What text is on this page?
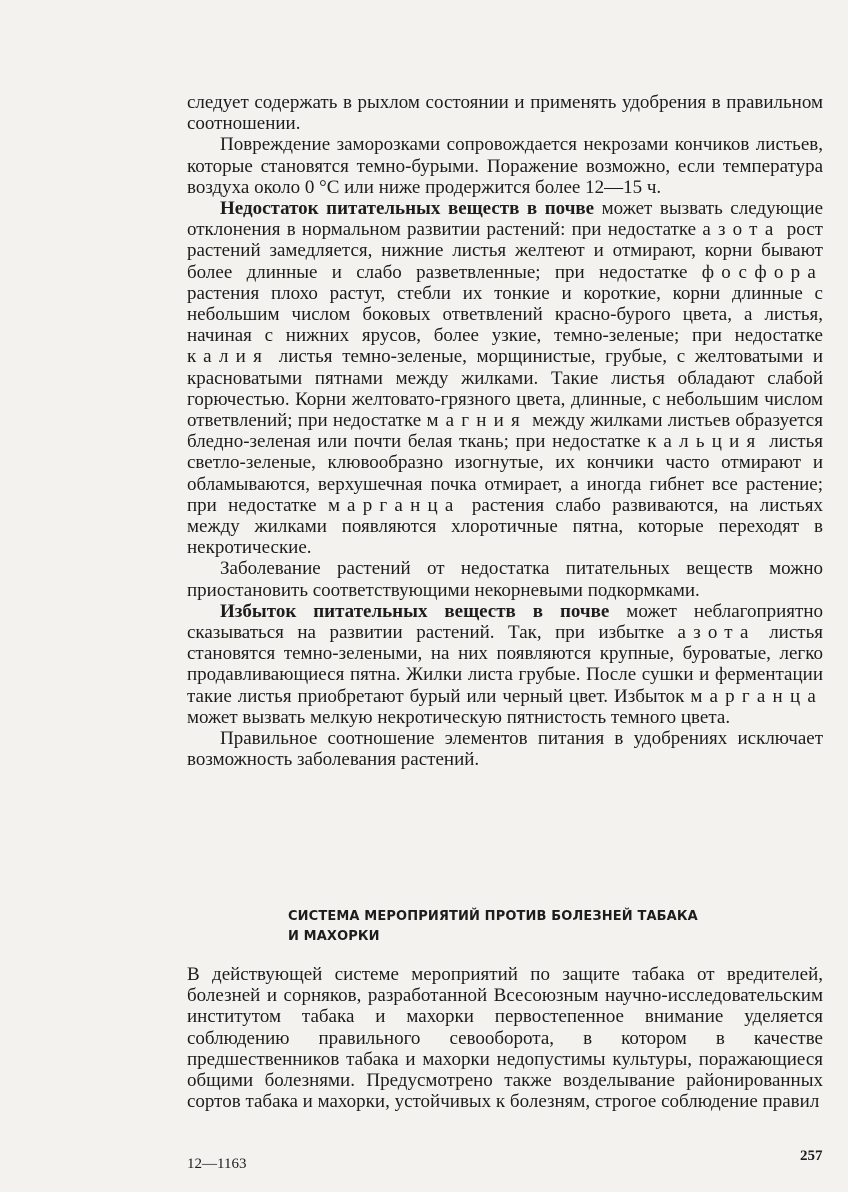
следует содержать в рыхлом состоянии и применять удобрения в правильном соотношении.
Повреждение заморозками сопровождается некрозами кончиков листьев, которые становятся темно-бурыми. Поражение возможно, если температура воздуха около 0 °С или ниже продержится более 12—15 ч.
Недостаток питательных веществ в почве может вызвать следующие отклонения в нормальном развитии растений: при недостатке азота рост растений замедляется, нижние листья желтеют и отмирают, корни бывают более длинные и слабо разветвленные; при недостатке фосфора растения плохо растут, стебли их тонкие и короткие, корни длинные с небольшим числом боковых ответвлений красно-бурого цвета, а листья, начиная с нижних ярусов, более узкие, темно-зеленые; при недостатке калия листья темно-зеленые, морщинистые, грубые, с желтоватыми и красноватыми пятнами между жилками. Такие листья обладают слабой горючестью. Корни желтовато-грязного цвета, длинные, с небольшим числом ответвлений; при недостатке магния между жилками листьев образуется бледно-зеленая или почти белая ткань; при недостатке кальция листья светло-зеленые, клювообразно изогнутые, их кончики часто отмирают и обламываются, верхушечная почка отмирает, а иногда гибнет все растение; при недостатке марганца растения слабо развиваются, на листьях между жилками появляются хлоротичные пятна, которые переходят в некротические.
Заболевание растений от недостатка питательных веществ можно приостановить соответствующими некорневыми подкормками.
Избыток питательных веществ в почве может неблагоприятно сказываться на развитии растений. Так, при избытке азота листья становятся темно-зелеными, на них появляются крупные, буроватые, легко продавливающиеся пятна. Жилки листа грубые. После сушки и ферментации такие листья приобретают бурый или черный цвет. Избыток марганца может вызвать мелкую некротическую пятнистость темного цвета.
Правильное соотношение элементов питания в удобрениях исключает возможность заболевания растений.
СИСТЕМА МЕРОПРИЯТИЙ ПРОТИВ БОЛЕЗНЕЙ ТАБАКА
И МАХОРКИ
В действующей системе мероприятий по защите табака от вредителей, болезней и сорняков, разработанной Всесоюзным научно-исследовательским институтом табака и махорки первостепенное внимание уделяется соблюдению правильного севооборота, в котором в качестве предшественников табака и махорки недопустимы культуры, поражающиеся общими болезнями. Предусмотрено также возделывание районированных сортов табака и махорки, устойчивых к болезням, строгое соблюдение правил
12—1163	257
